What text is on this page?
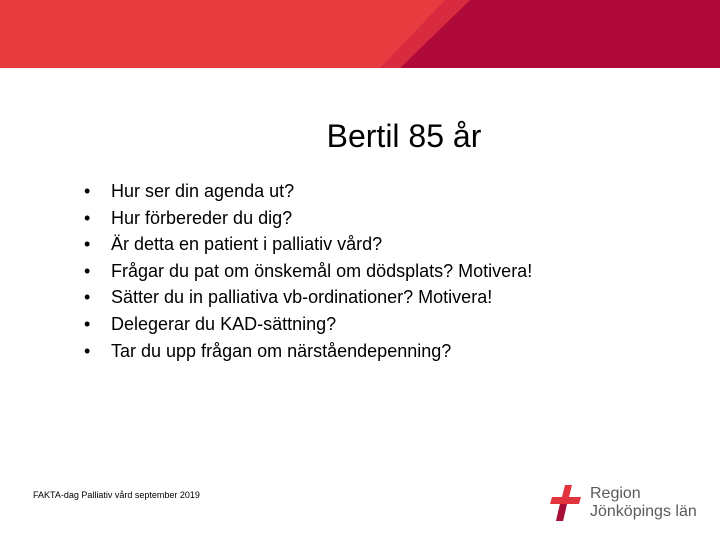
Bertil 85 år
• Hur ser din agenda ut?
• Hur förbereder du dig?
• Är detta en patient i palliativ vård?
• Frågar du pat om önskemål om dödsplats? Motivera!
• Sätter du in palliativa vb-ordinationer? Motivera!
• Delegerar du KAD-sättning?
• Tar du upp frågan om närståendepenning?
FAKTA-dag Palliativ vård september 2019	Region
Jönköpings län
